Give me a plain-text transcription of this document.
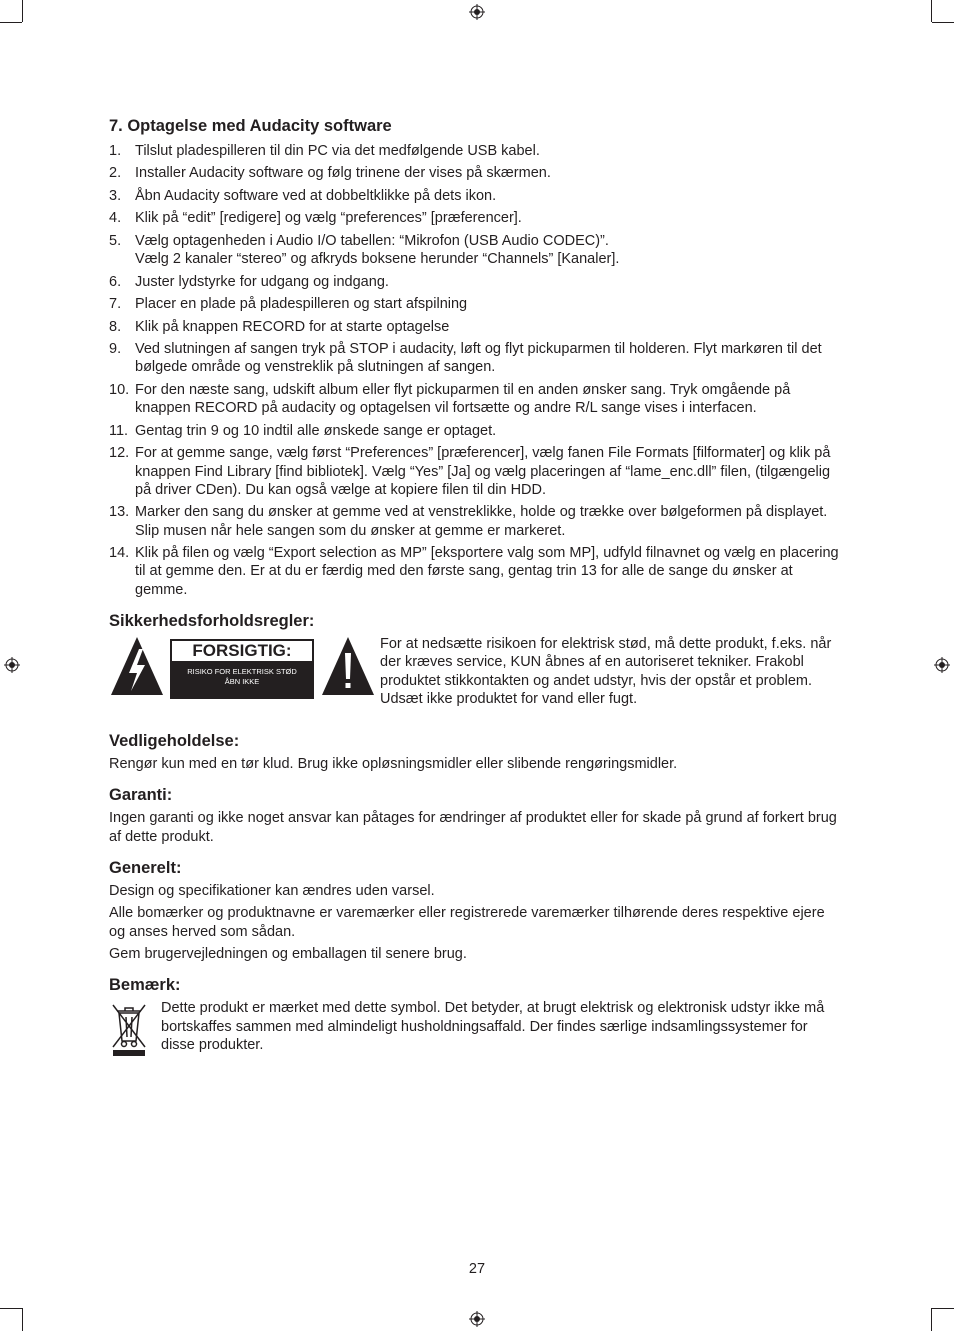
7. Optagelse med Audacity software
1. Tilslut pladespilleren til din PC via det medfølgende USB kabel.
2. Installer Audacity software og følg trinene der vises på skærmen.
3. Åbn Audacity software ved at dobbeltklikke på dets ikon.
4. Klik på “edit” [redigere] og vælg “preferences” [præferencer].
5. Vælg optagenheden i Audio I/O tabellen: “Mikrofon (USB Audio CODEC)”.
Vælg 2 kanaler “stereo” og afkryds boksene herunder “Channels” [Kanaler].
6. Juster lydstyrke for udgang og indgang.
7. Placer en plade på pladespilleren og start afspilning
8. Klik på knappen RECORD for at starte optagelse
9. Ved slutningen af sangen tryk på STOP i audacity, løft og flyt pickuparmen til holderen. Flyt markøren til det bølgede område og venstreklik på slutningen af sangen.
10. For den næste sang, udskift album eller flyt pickuparmen til en anden ønsker sang. Tryk omgående på knappen RECORD på audacity og optagelsen vil fortsætte og andre R/L sange vises i interfacen.
11. Gentag trin 9 og 10 indtil alle ønskede sange er optaget.
12. For at gemme sange, vælg først “Preferences” [præferencer], vælg fanen File Formats [filformater] og klik på knappen Find Library [find bibliotek]. Vælg “Yes” [Ja] og vælg placeringen af “lame_enc.dll” filen, (tilgængelig på driver CDen). Du kan også vælge at kopiere filen til din HDD.
13. Marker den sang du ønsker at gemme ved at venstreklikke, holde og trække over bølgeformen på displayet. Slip musen når hele sangen som du ønsker at gemme er markeret.
14. Klik på filen og vælg “Export selection as MP” [eksportere valg som MP], udfyld filnavnet og vælg en placering til at gemme den. Er at du er færdig med den første sang, gentag trin 13 for alle de sange du ønsker at gemme.
Sikkerhedsforholdsregler:
FORSIGTIG:
RISIKO FOR ELEKTRISK STØD
ÅBN IKKE
For at nedsætte risikoen for elektrisk stød, må dette produkt, f.eks. når der kræves service, KUN åbnes af en autoriseret tekniker. Frakobl produktet stikkontakten og andet udstyr, hvis der opstår et problem. Udsæt ikke produktet for vand eller fugt.
Vedligeholdelse:

Rengør kun med en tør klud. Brug ikke opløsningsmidler eller slibende rengøringsmidler.

Garanti:

Ingen garanti og ikke noget ansvar kan påtages for ændringer af produktet eller for skade på grund af forkert brug af dette produkt.

Generelt:

Design og specifikationer kan ændres uden varsel.

Alle bomærker og produktnavne er varemærker eller registrerede varemærker tilhørende deres respektive ejere og anses herved som sådan.

Gem brugervejledningen og emballagen til senere brug.

Bemærk:
Dette produkt er mærket med dette symbol. Det betyder, at brugt elektrisk og elektronisk udstyr ikke må bortskaffes sammen med almindeligt husholdningsaffald. Der findes særlige indsamlingssystemer for disse produkter.
27
